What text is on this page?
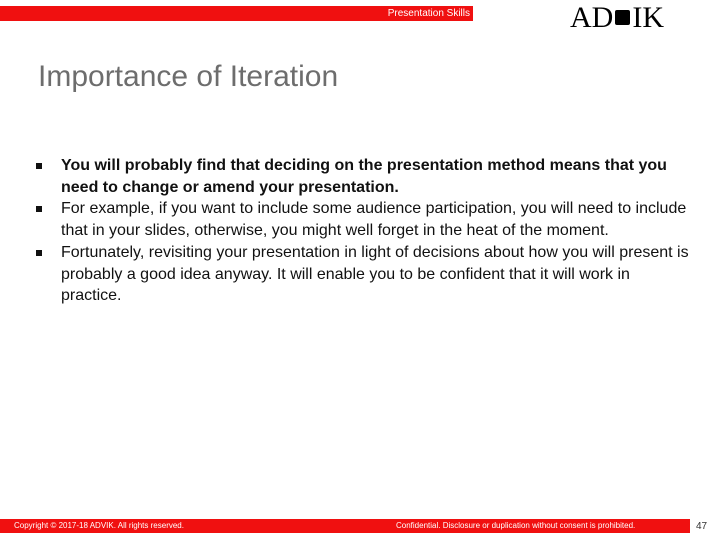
Presentation Skills	AD IK
Importance of Iteration
You will probably find that deciding on the presentation method means that you need to change or amend your presentation.
For example, if you want to include some audience participation, you will need to include that in your slides, otherwise, you might well forget in the heat of the moment.
Fortunately, revisiting your presentation in light of decisions about how you will present is probably a good idea anyway. It will enable you to be confident that it will work in practice.
Copyright © 2017-18 ADVIK. All rights reserved.	Confidential. Disclosure or duplication without consent is prohibited.	47
